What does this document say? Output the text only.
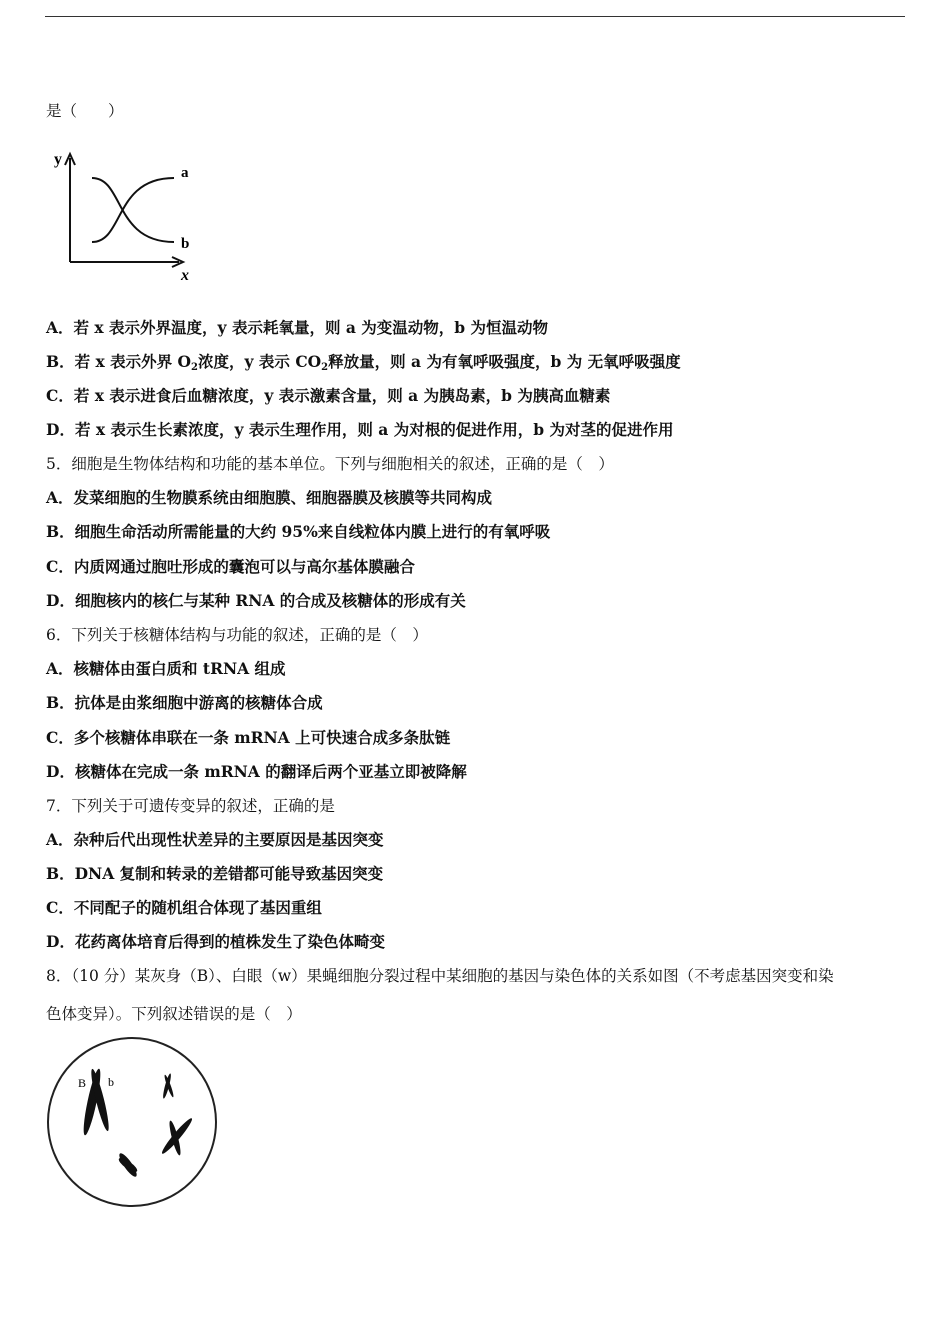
是（　　）
y
x
a
b
A．若 x 表示外界温度，y 表示耗氧量，则 a 为变温动物，b 为恒温动物
B．若 x 表示外界 $O_2$浓度，y 表示 $CO_2$释放量，则 a 为有氧呼吸强度，b 为 无氧呼吸强度
C．若 x 表示进食后血糖浓度，y 表示激素含量，则 a 为胰岛素，b 为胰高血糖素
D．若 x 表示生长素浓度，y 表示生理作用，则 a 为对根的促进作用，b 为对茎的促进作用
5．细胞是生物体结构和功能的基本单位。下列与细胞相关的叙述，正确的是（　）
A．发菜细胞的生物膜系统由细胞膜、细胞器膜及核膜等共同构成
B．细胞生命活动所需能量的大约 95%来自线粒体内膜上进行的有氧呼吸
C．内质网通过胞吐形成的囊泡可以与高尔基体膜融合
D．细胞核内的核仁与某种 RNA 的合成及核糖体的形成有关
6．下列关于核糖体结构与功能的叙述，正确的是（　）
A．核糖体由蛋白质和 tRNA 组成
B．抗体是由浆细胞中游离的核糖体合成
C．多个核糖体串联在一条 mRNA 上可快速合成多条肽链
D．核糖体在完成一条 mRNA 的翻译后两个亚基立即被降解
7．下列关于可遗传变异的叙述，正确的是
A．杂种后代出现性状差异的主要原因是基因突变
B．DNA 复制和转录的差错都可能导致基因突变
C．不同配子的随机组合体现了基因重组
D．花药离体培育后得到的植株发生了染色体畸变
8．（10 分）某灰身（B）、白眼（w）果蝇细胞分裂过程中某细胞的基因与染色体的关系如图（不考虑基因突变和染
色体变异）。下列叙述错误的是（　）
B b
